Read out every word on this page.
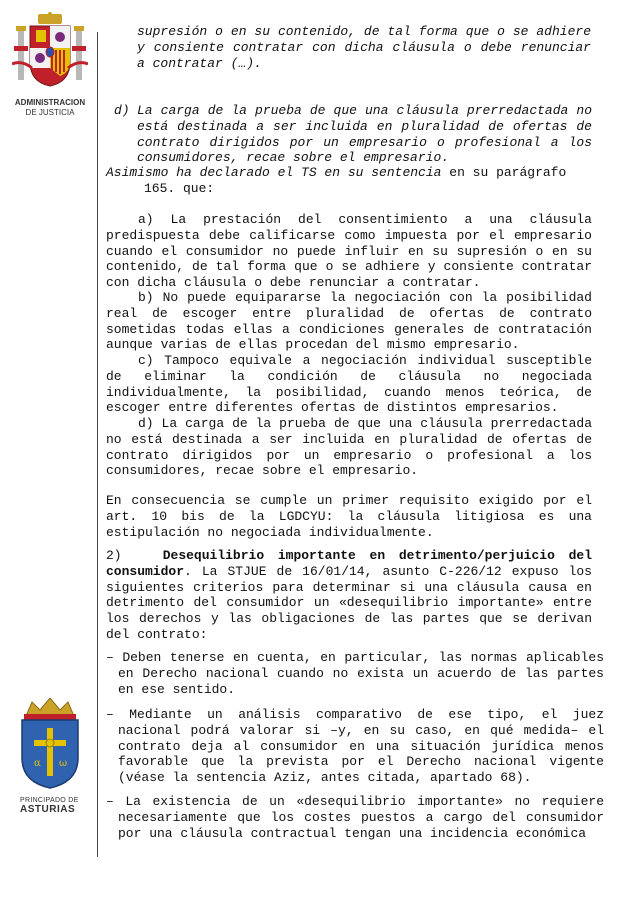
ADMINISTRACION
DE JUSTICIA
α ω
PRINCIPADO DE
ASTURIAS
supresión o en su contenido, de tal forma que o se adhiere y consiente contratar con dicha cláusula o debe renunciar a contratar (…).
d) La carga de la prueba de que una cláusula prerredactada no está destinada a ser incluida en pluralidad de ofertas de contrato dirigidos por un empresario o profesional a los consumidores, recae sobre el empresario.
Asimismo ha declarado el TS en su sentencia en su parágrafo
165. que:
a) La prestación del consentimiento a una cláusula predispuesta debe calificarse como impuesta por el empresario cuando el consumidor no puede influir en su supresión o en su contenido, de tal forma que o se adhiere y consiente contratar con dicha cláusula o debe renunciar a contratar.
b) No puede equipararse la negociación con la posibilidad real de escoger entre pluralidad de ofertas de contrato sometidas todas ellas a condiciones generales de contratación aunque varias de ellas procedan del mismo empresario.
c) Tampoco equivale a negociación individual susceptible de eliminar la condición de cláusula no negociada individualmente, la posibilidad, cuando menos teórica, de escoger entre diferentes ofertas de distintos empresarios.
d) La carga de la prueba de que una cláusula prerredactada no está destinada a ser incluida en pluralidad de ofertas de contrato dirigidos por un empresario o profesional a los consumidores, recae sobre el empresario.
En consecuencia se cumple un primer requisito exigido por el art. 10 bis de la LGDCYU: la cláusula litigiosa es una estipulación no negociada individualmente.
2)	Desequilibrio importante en detrimento/perjuicio del consumidor. La STJUE de 16/01/14, asunto C-226/12 expuso los siguientes criterios para determinar si una cláusula causa en detrimento del consumidor un «desequilibrio importante» entre los derechos y las obligaciones de las partes que se derivan del contrato:
– Deben tenerse en cuenta, en particular, las normas aplicables en Derecho nacional cuando no exista un acuerdo de las partes en ese sentido.
– Mediante un análisis comparativo de ese tipo, el juez nacional podrá valorar si –y, en su caso, en qué medida– el contrato deja al consumidor en una situación jurídica menos favorable que la prevista por el Derecho nacional vigente (véase la sentencia Aziz, antes citada, apartado 68).
– La existencia de un «desequilibrio importante» no requiere necesariamente que los costes puestos a cargo del consumidor por una cláusula contractual tengan una incidencia económica
